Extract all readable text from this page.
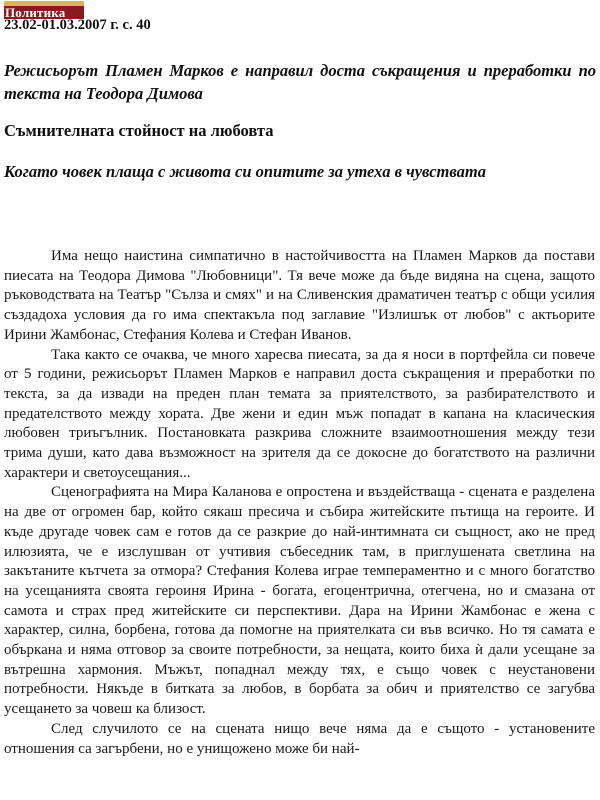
Политика
23.02-01.03.2007 г. с. 40
Режисьорът Пламен Марков е направил доста съкращения и преработки по текста на Теодора Димова
Съмнителната стойност на любовта
Когато човек плаща с живота си опитите за утеха в чувствата

Има нещо наистина симпатично в настойчивостта на Пламен Марков да постави пиесата на Теодора Димова "Любовници". Тя вече може да бъде видяна на сцена, защото ръководствата на Театър "Сълза и смях" и на Сливенския драматичен театър с общи усилия създадоха условия да го има спектакъла под заглавие "Излишък от любов" с актьорите Ирини Жамбонас, Стефания Колева и Стефан Иванов.

Така както се очаква, че много харесва пиесата, за да я носи в портфейла си повече от 5 години, режисьорът Пламен Марков е направил доста съкращения и преработки по текста, за да извади на преден план темата за приятелството, за разбирателството и предателството между хората. Две жени и един мъж попадат в капана на класическия любовен триъгълник. Постановката разкрива сложните взаимоотношения между тези трима души, като дава възможност на зрителя да се докосне до богатството на различни характери и светоусещания...

Сценографията на Мира Каланова е опростена и въздействаща - сцената е разделена на две от огромен бар, който сякаш пресича и събира житейските пътища на героите. И къде другаде човек сам е готов да се разкрие до най-интимната си същност, ако не пред илюзията, че е изслушван от учтивия събеседник там, в приглушената светлина на закътаните кътчета за отмора? Стефания Колева играе темпераментно и с много богатство на усещанията своята героиня Ирина - богата, егоцентрична, отегчена, но и смазана от самота и страх пред житейските си перспективи. Дара на Ирини Жамбонас е жена с характер, силна, борбена, готова да помогне на приятелката си във всичко. Но тя самата е объркана и няма отговор за своите потребности, за нещата, които биха ѝ дали усещане за вътрешна хармония. Мъжът, попаднал между тях, е също човек с неустановени потребности. Някъде в битката за любов, в борбата за обич и приятелство се загубва усещането за човеш ка близост.

След случилото се на сцената нищо вече няма да е същото - установените отношения са загърбени, но е унищожено може би най-
